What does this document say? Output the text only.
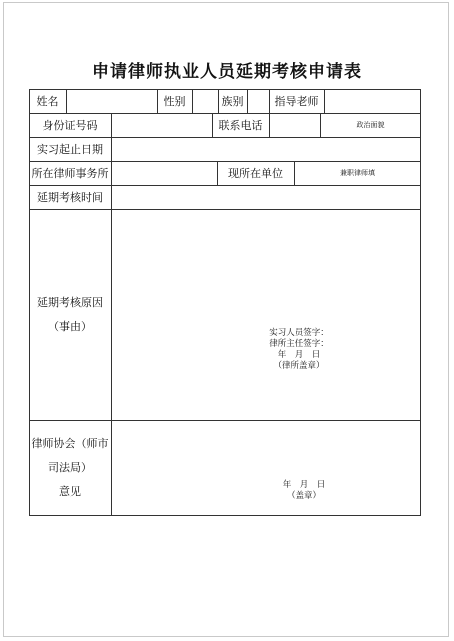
申请律师执业人员延期考核申请表
姓名	性别	族别	指导老师
身份证号码	联系电话	政治面貌
实习起止日期
所在律师事务所	现所在单位	兼职律师填
延期考核时间
延期考核原因
（事由）
实习人员签字：
律所主任签字：
年　月　日
（律所盖章）
律师协会（师市
司法局）
意见	年　月　日
（盖章）
